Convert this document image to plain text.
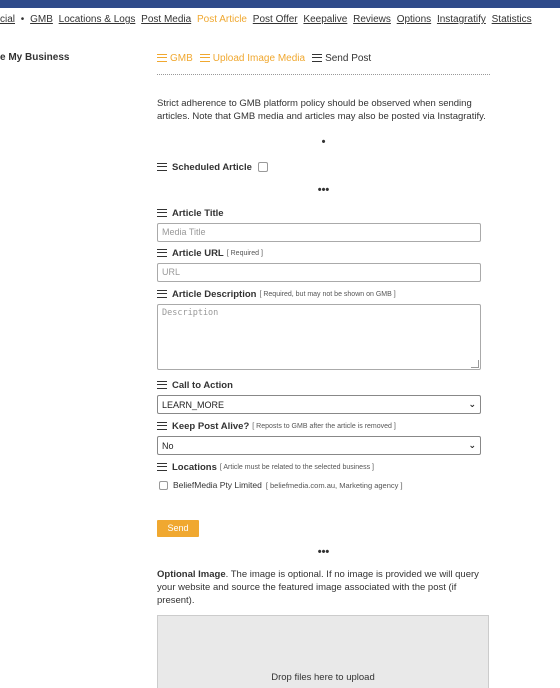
cial • GMB Locations & Logs Post Media Post Article Post Offer Keepalive Reviews Options Instagratify Statistics
e My Business	GMB Upload Image Media Send Post

Strict adherence to GMB platform policy should be observed when sending articles. Note that GMB media and articles may also be posted via Instagratify.

•
Scheduled Article
•••
Article Title
Media Title
Article URL [ Required ]
URL
Article Description [ Required, but may not be shown on GMB ]
Description
Call to Action
LEARN_MORE	⌄
Keep Post Alive? [ Reposts to GMB after the article is removed ]
No	⌄
Locations [ Article must be related to the selected business ]
BeliefMedia Pty Limited [ beliefmedia.com.au, Marketing agency ]
Send
•••

Optional Image. The image is optional. If no image is provided we will query your website and source the featured image associated with the post (if present).

Drop files here to upload
